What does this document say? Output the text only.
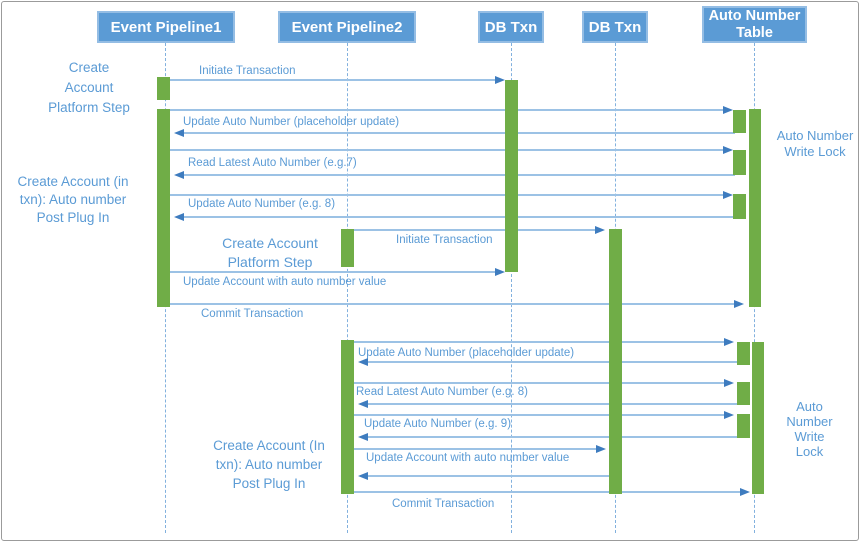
Event Pipeline1	Event Pipeline2	DB Txn	DB Txn
Auto Number Table
Initiate Transaction
Update Auto Number (placeholder update)
Read Latest Auto Number (e.g.7)
Update Auto Number (e.g. 8)
Initiate Transaction
Update Account with auto number value
Commit Transaction
Update Auto Number (placeholder update)
Read Latest Auto Number (e.g. 8)
Update Auto Number (e.g. 9)
Update Account with auto number value
Commit Transaction
Create Account Platform Step
Create Account (in txn): Auto number Post Plug In
Create Account Platform Step
Create Account (In txn): Auto number Post Plug In
Auto Number Write Lock
Auto Number Write Lock
